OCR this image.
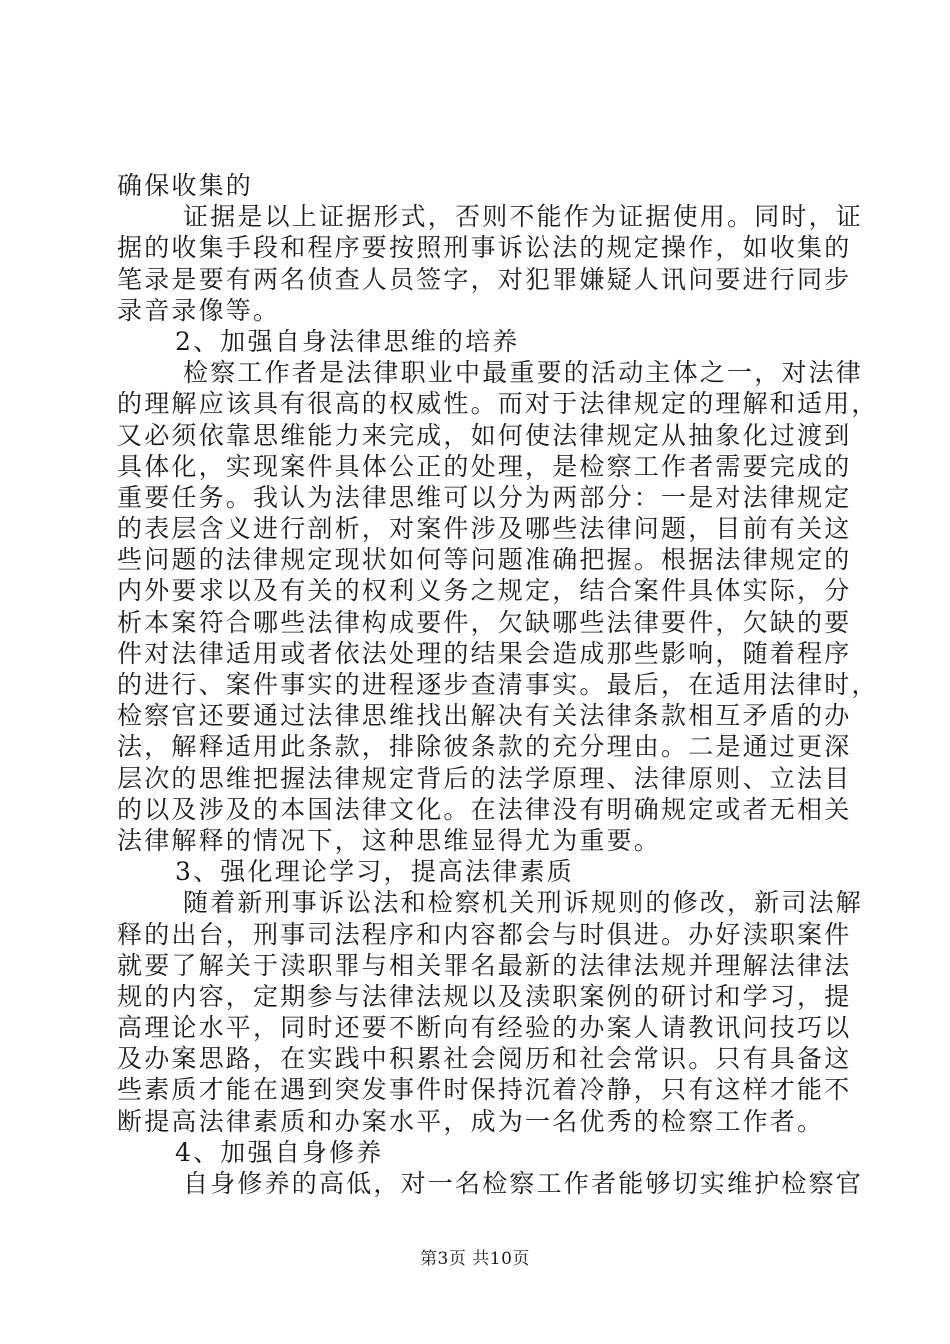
确保收集的
证据是以上证据形式，否则不能作为证据使用。同时，证
据的收集手段和程序要按照刑事诉讼法的规定操作，如收集的
笔录是要有两名侦查人员签字，对犯罪嫌疑人讯问要进行同步
录音录像等。
2、加强自身法律思维的培养
检察工作者是法律职业中最重要的活动主体之一，对法律
的理解应该具有很高的权威性。而对于法律规定的理解和适用，
又必须依靠思维能力来完成，如何使法律规定从抽象化过渡到
具体化，实现案件具体公正的处理，是检察工作者需要完成的
重要任务。我认为法律思维可以分为两部分：一是对法律规定
的表层含义进行剖析，对案件涉及哪些法律问题，目前有关这
些问题的法律规定现状如何等问题准确把握。根据法律规定的
内外要求以及有关的权利义务之规定，结合案件具体实际，分
析本案符合哪些法律构成要件，欠缺哪些法律要件，欠缺的要
件对法律适用或者依法处理的结果会造成那些影响，随着程序
的进行、案件事实的进程逐步查清事实。最后，在适用法律时，
检察官还要通过法律思维找出解决有关法律条款相互矛盾的办
法，解释适用此条款，排除彼条款的充分理由。二是通过更深
层次的思维把握法律规定背后的法学原理、法律原则、立法目
的以及涉及的本国法律文化。在法律没有明确规定或者无相关
法律解释的情况下，这种思维显得尤为重要。
3、强化理论学习，提高法律素质
随着新刑事诉讼法和检察机关刑诉规则的修改，新司法解
释的出台，刑事司法程序和内容都会与时俱进。办好渎职案件
就要了解关于渎职罪与相关罪名最新的法律法规并理解法律法
规的内容，定期参与法律法规以及渎职案例的研讨和学习，提
高理论水平，同时还要不断向有经验的办案人请教讯问技巧以
及办案思路，在实践中积累社会阅历和社会常识。只有具备这
些素质才能在遇到突发事件时保持沉着冷静，只有这样才能不
断提高法律素质和办案水平，成为一名优秀的检察工作者。
4、加强自身修养
自身修养的高低，对一名检察工作者能够切实维护检察官
第3页 共10页
